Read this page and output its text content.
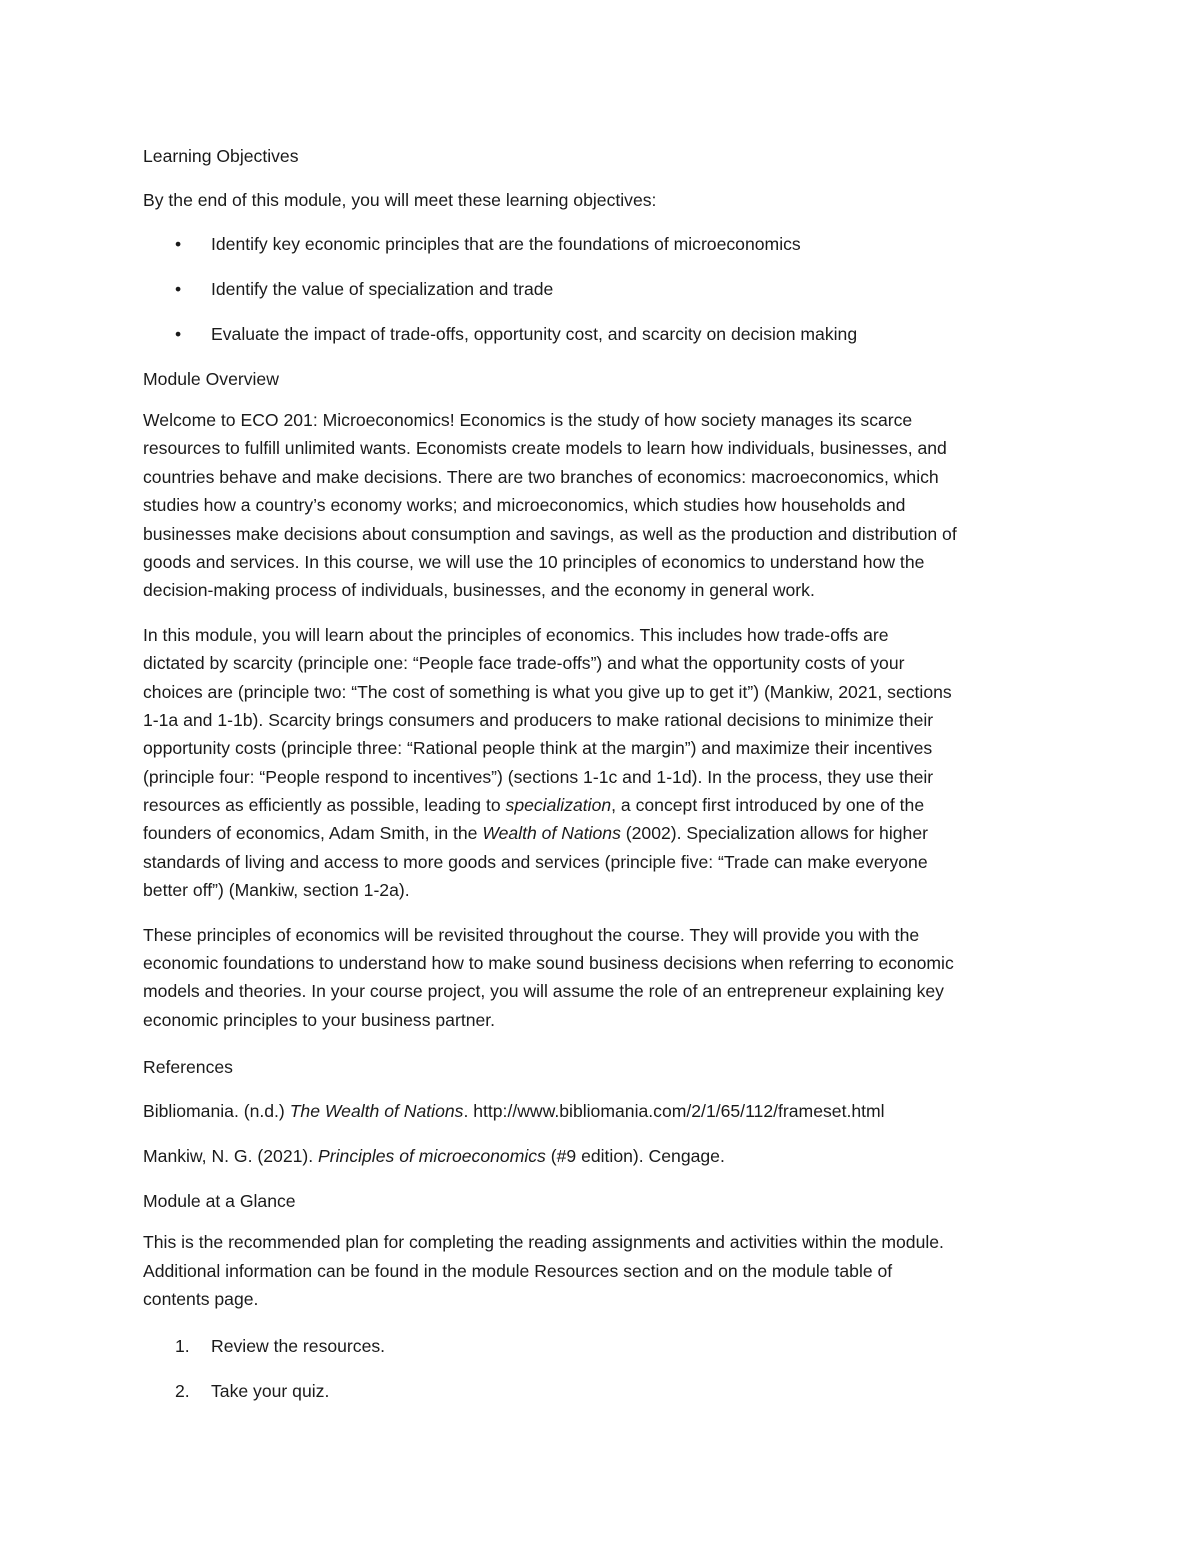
Learning Objectives
By the end of this module, you will meet these learning objectives:
• Identify key economic principles that are the foundations of microeconomics
• Identify the value of specialization and trade
• Evaluate the impact of trade-offs, opportunity cost, and scarcity on decision making
Module Overview
Welcome to ECO 201: Microeconomics! Economics is the study of how society manages its scarce
resources to fulfill unlimited wants. Economists create models to learn how individuals, businesses, and
countries behave and make decisions. There are two branches of economics: macroeconomics, which
studies how a country’s economy works; and microeconomics, which studies how households and
businesses make decisions about consumption and savings, as well as the production and distribution of
goods and services. In this course, we will use the 10 principles of economics to understand how the
decision-making process of individuals, businesses, and the economy in general work.
In this module, you will learn about the principles of economics. This includes how trade-offs are
dictated by scarcity (principle one: “People face trade-offs”) and what the opportunity costs of your
choices are (principle two: “The cost of something is what you give up to get it”) (Mankiw, 2021, sections
1-1a and 1-1b). Scarcity brings consumers and producers to make rational decisions to minimize their
opportunity costs (principle three: “Rational people think at the margin”) and maximize their incentives
(principle four: “People respond to incentives”) (sections 1-1c and 1-1d). In the process, they use their
resources as efficiently as possible, leading to specialization, a concept first introduced by one of the
founders of economics, Adam Smith, in the Wealth of Nations (2002). Specialization allows for higher
standards of living and access to more goods and services (principle five: “Trade can make everyone
better off”) (Mankiw, section 1-2a).
These principles of economics will be revisited throughout the course. They will provide you with the
economic foundations to understand how to make sound business decisions when referring to economic
models and theories. In your course project, you will assume the role of an entrepreneur explaining key
economic principles to your business partner.
References
Bibliomania. (n.d.) The Wealth of Nations. http://www.bibliomania.com/2/1/65/112/frameset.html
Mankiw, N. G. (2021). Principles of microeconomics (#9 edition). Cengage.
Module at a Glance
This is the recommended plan for completing the reading assignments and activities within the module.
Additional information can be found in the module Resources section and on the module table of
contents page.
1. Review the resources.
2. Take your quiz.
